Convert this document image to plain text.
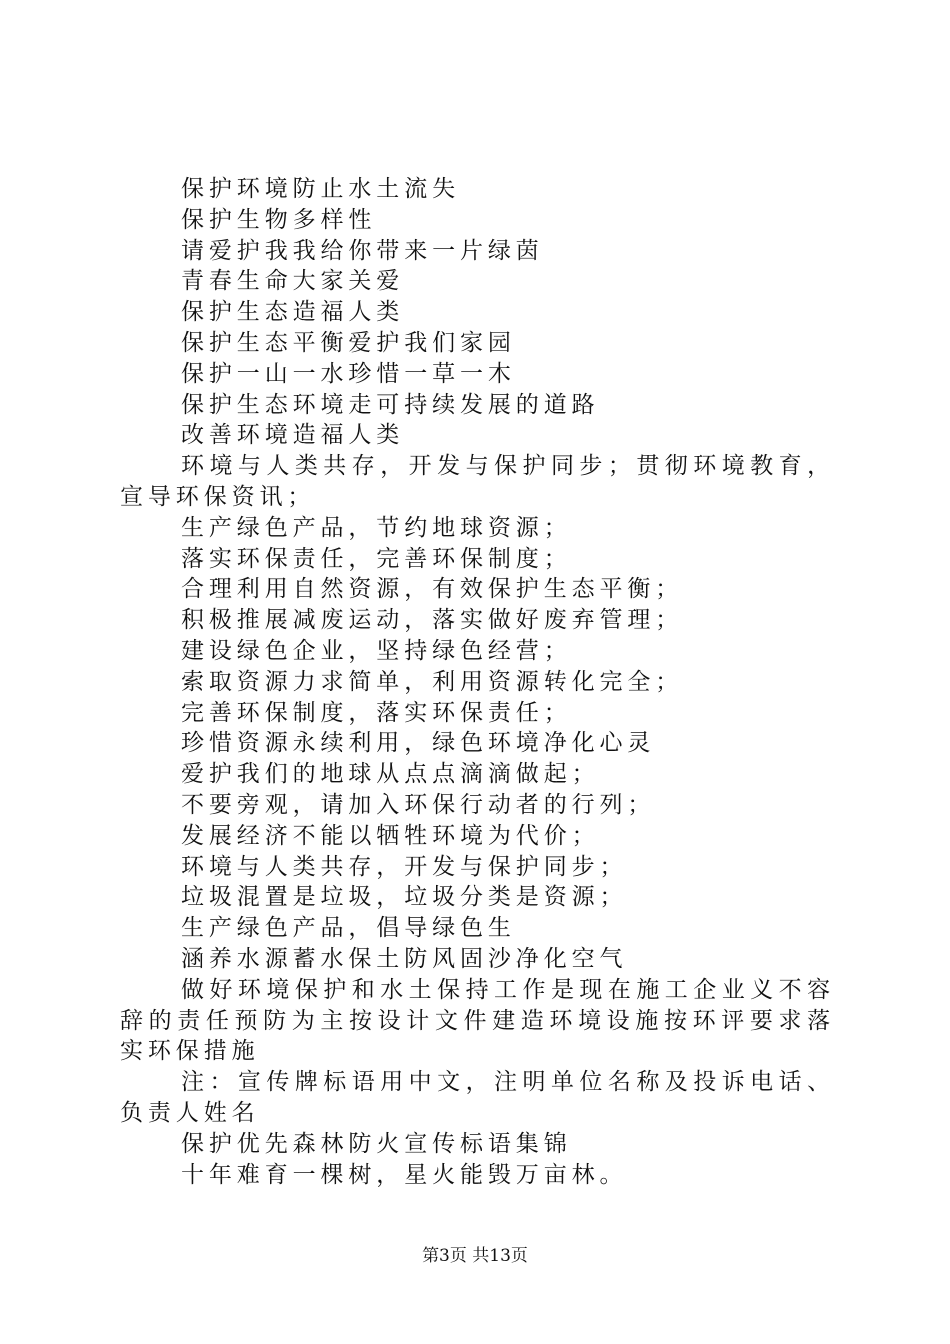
保护环境防止水土流失

保护生物多样性

请爱护我我给你带来一片绿茵

青春生命大家关爱

保护生态造福人类

保护生态平衡爱护我们家园

保护一山一水珍惜一草一木

保护生态环境走可持续发展的道路

改善环境造福人类

环境与人类共存，开发与保护同步；贯彻环境教育，宣导环保资讯；

生产绿色产品，节约地球资源；

落实环保责任，完善环保制度；

合理利用自然资源，有效保护生态平衡；

积极推展减废运动，落实做好废弃管理；

建设绿色企业，坚持绿色经营；

索取资源力求简单，利用资源转化完全；

完善环保制度，落实环保责任；

珍惜资源永续利用，绿色环境净化心灵

爱护我们的地球从点点滴滴做起；

不要旁观，请加入环保行动者的行列；

发展经济不能以牺牲环境为代价；

环境与人类共存，开发与保护同步；

垃圾混置是垃圾，垃圾分类是资源；

生产绿色产品，倡导绿色生

涵养水源蓄水保土防风固沙净化空气

做好环境保护和水土保持工作是现在施工企业义不容辞的责任预防为主按设计文件建造环境设施按环评要求落实环保措施

注：宣传牌标语用中文，注明单位名称及投诉电话、负责人姓名

保护优先森林防火宣传标语集锦

十年难育一棵树，星火能毁万亩林。

第3页 共13页
